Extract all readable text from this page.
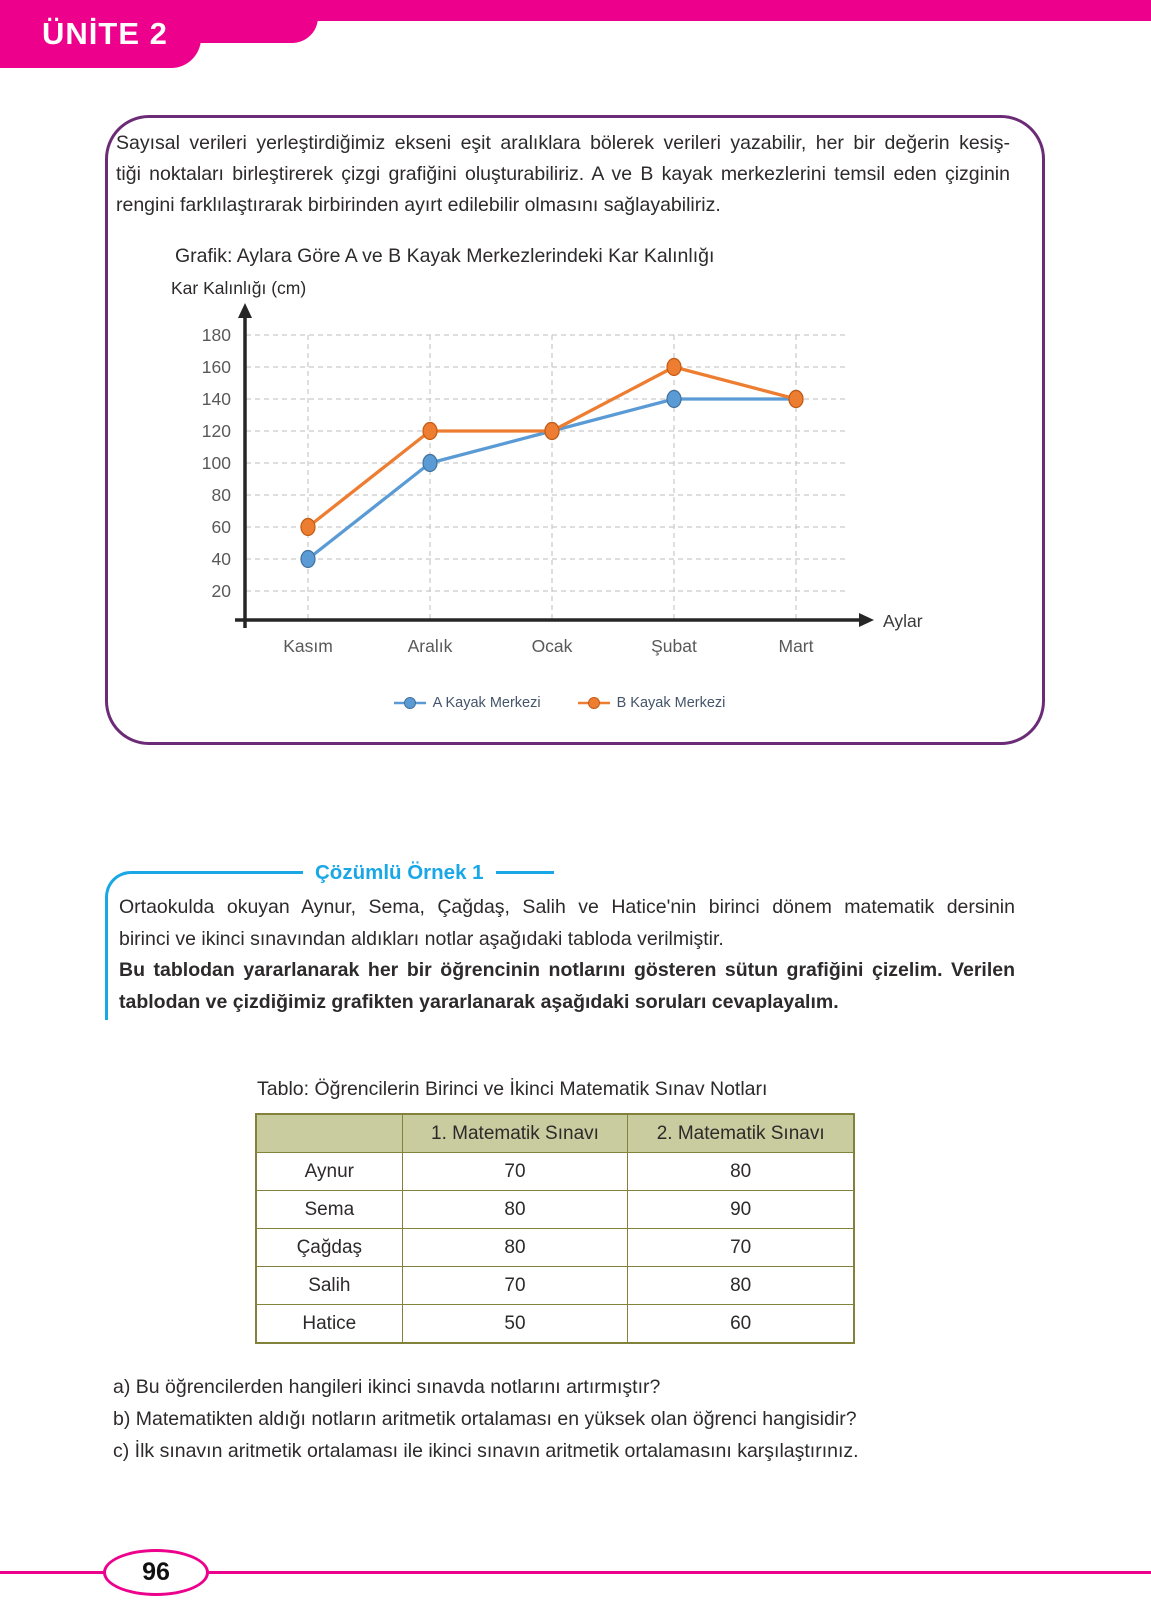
ÜNİTE 2
Sayısal verileri yerleştirdiğimiz ekseni eşit aralıklara bölerek verileri yazabilir, her bir değerin kesiş-
tiği noktaları birleştirerek çizgi grafiğini oluşturabiliriz. A ve B kayak merkezlerini temsil eden çizginin
rengini farklılaştırarak birbirinden ayırt edilebilir olmasını sağlayabiliriz.
Grafik: Aylara Göre A ve B Kayak Merkezlerindeki Kar Kalınlığı
Kar Kalınlığı (cm)
20
40
60
80
100
120
140
160
180
Kasım	Aralık	Ocak	Şubat	Mart
Aylar
A Kayak Merkezi	B Kayak Merkezi
Çözümlü Örnek 1
Ortaokulda okuyan Aynur, Sema, Çağdaş, Salih ve Hatice'nin birinci dönem matematik dersinin
birinci ve ikinci sınavından aldıkları notlar aşağıdaki tabloda verilmiştir.
Bu tablodan yararlanarak her bir öğrencinin notlarını gösteren sütun grafiğini çizelim. Verilen
tablodan ve çizdiğimiz grafikten yararlanarak aşağıdaki soruları cevaplayalım.
Tablo: Öğrencilerin Birinci ve İkinci Matematik Sınav Notları
	1. Matematik Sınavı	2. Matematik Sınavı
Aynur	70	80
Sema	80	90
Çağdaş	80	70
Salih	70	80
Hatice	50	60
a) Bu öğrencilerden hangileri ikinci sınavda notlarını artırmıştır?
b) Matematikten aldığı notların aritmetik ortalaması en yüksek olan öğrenci hangisidir?
c) İlk sınavın aritmetik ortalaması ile ikinci sınavın aritmetik ortalamasını karşılaştırınız.
96
